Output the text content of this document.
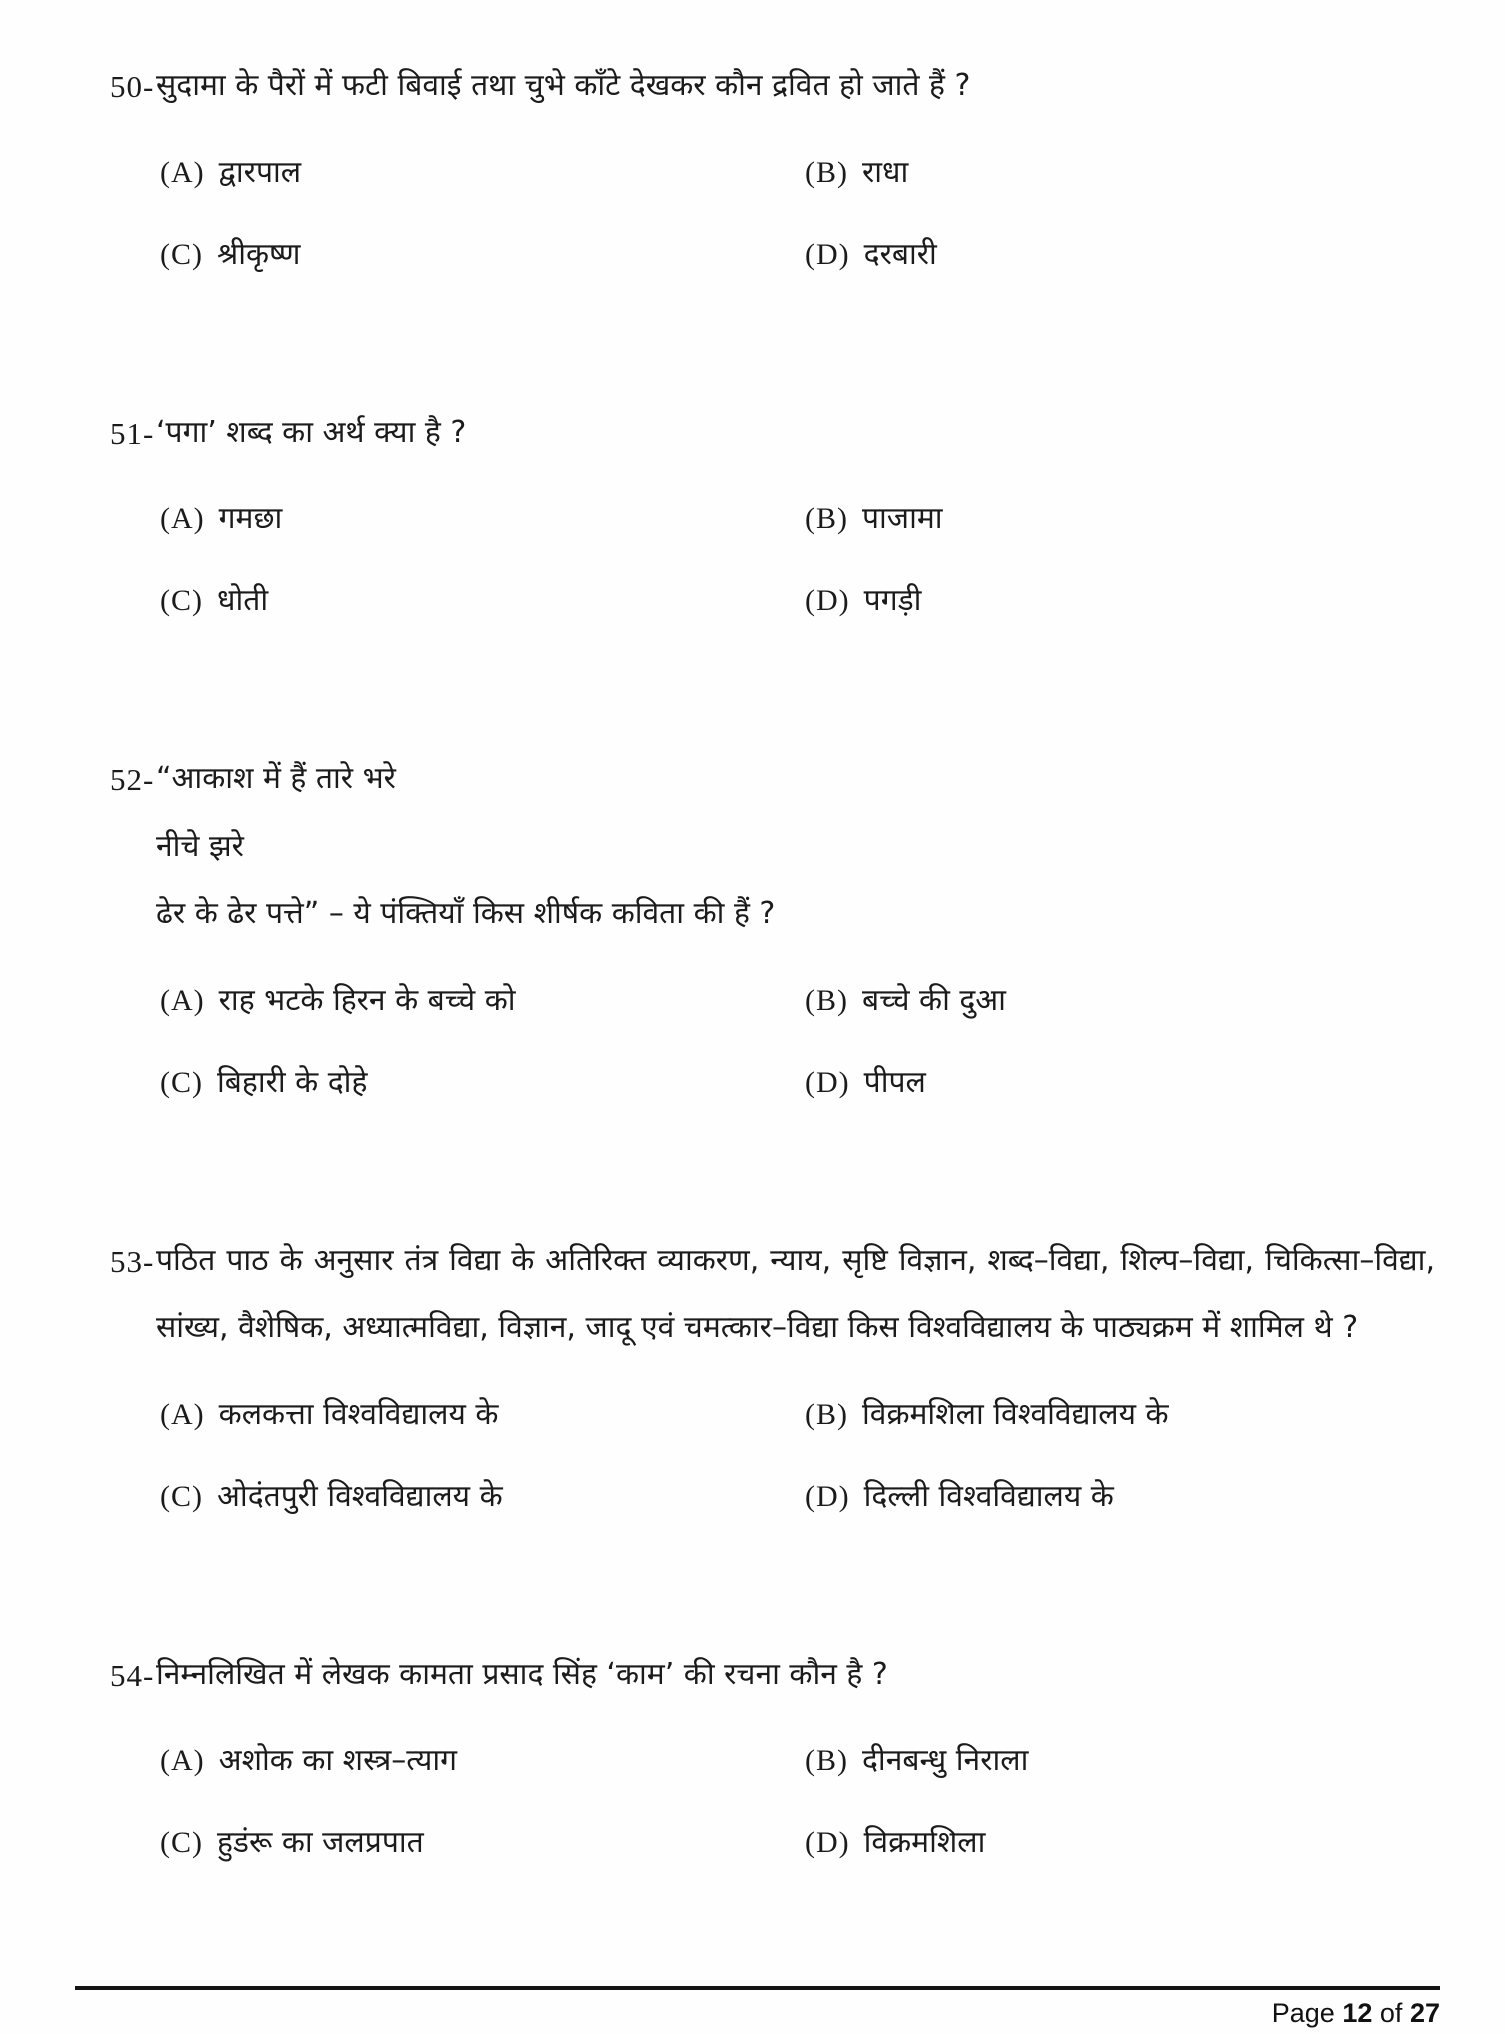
50- सुदामा के पैरों में फटी बिवाई तथा चुभे काँटे देखकर कौन द्रवित हो जाते हैं ?
(A) द्वारपाल	(B) राधा
(C) श्रीकृष्ण	(D) दरबारी
51- ‘पगा’ शब्द का अर्थ क्या है ?
(A) गमछा	(B) पाजामा
(C) धोती	(D) पगड़ी
52- “आकाश में हैं तारे भरे
नीचे झरे
ढेर के ढेर पत्ते” – ये पंक्तियाँ किस शीर्षक कविता की हैं ?
(A) राह भटके हिरन के बच्चे को	(B) बच्चे की दुआ
(C) बिहारी के दोहे	(D) पीपल
53- पठित पाठ के अनुसार तंत्र विद्या के अतिरिक्त व्याकरण, न्याय, सृष्टि विज्ञान, शब्द–विद्या, शिल्प–विद्या, चिकित्सा–विद्या, सांख्य, वैशेषिक, अध्यात्मविद्या, विज्ञान, जादू एवं चमत्कार–विद्या किस विश्वविद्यालय के पाठ्यक्रम में शामिल थे ?
(A) कलकत्ता विश्वविद्यालय के	(B) विक्रमशिला विश्वविद्यालय के
(C) ओदंतपुरी विश्वविद्यालय के	(D) दिल्ली विश्वविद्यालय के
54- निम्नलिखित में लेखक कामता प्रसाद सिंह ‘काम’ की रचना कौन है ?
(A) अशोक का शस्त्र–त्याग	(B) दीनबन्धु निराला
(C) हुडंरू का जलप्रपात	(D) विक्रमशिला
Page 12 of 27
